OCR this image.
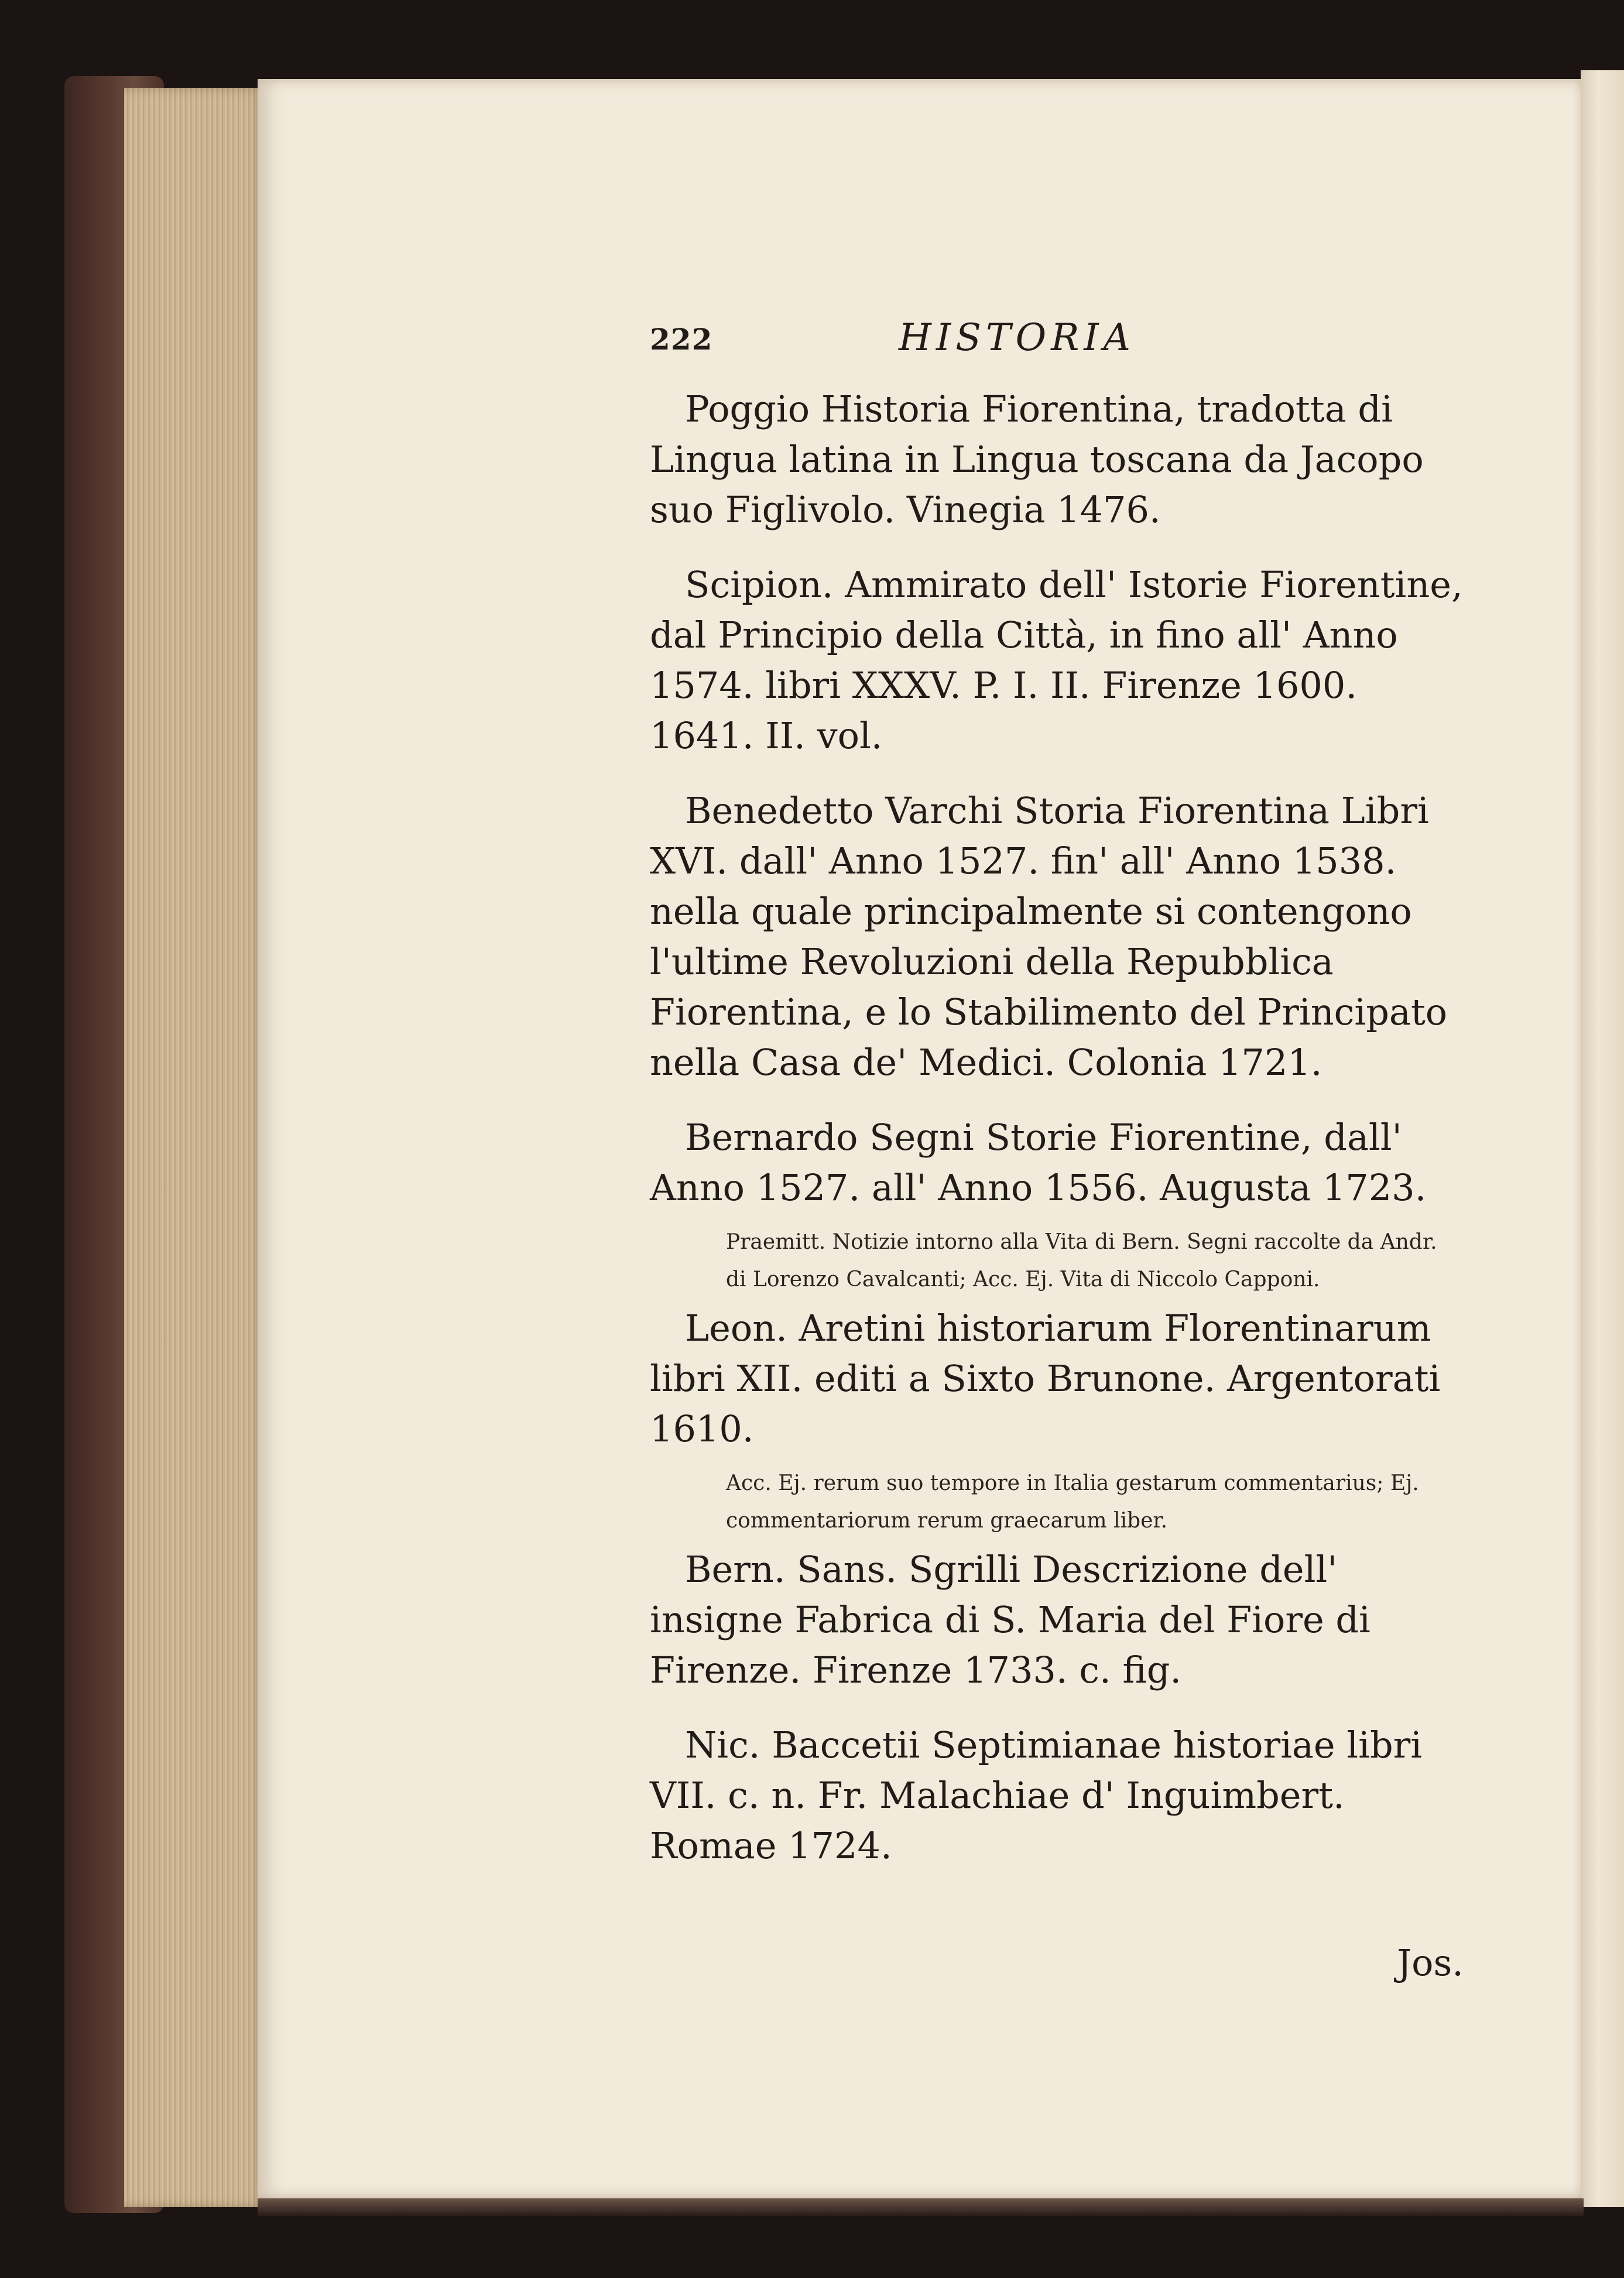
222	HISTORIA

Poggio Historia Fiorentina, tradotta di Lingua latina in Lingua toscana da Jacopo suo Figlivolo. Vinegia 1476.

Scipion. Ammirato dell' Istorie Fiorentine, dal Principio della Città, in fino all' Anno 1574. libri XXXV. P. I. II. Firenze 1600. 1641. II. vol.

Benedetto Varchi Storia Fiorentina Libri XVI. dall' Anno 1527. fin' all' Anno 1538. nella quale principalmente si contengono l'ultime Revoluzioni della Repubblica Fiorentina, e lo Stabilimento del Principato nella Casa de' Medici. Colonia 1721.

Bernardo Segni Storie Fiorentine, dall' Anno 1527. all' Anno 1556. Augusta 1723.

Praemitt. Notizie intorno alla Vita di Bern. Segni raccolte da Andr. di Lorenzo Cavalcanti; Acc. Ej. Vita di Niccolo Capponi.

Leon. Aretini historiarum Florentinarum libri XII. editi a Sixto Brunone. Argentorati 1610.

Acc. Ej. rerum suo tempore in Italia gestarum commentarius; Ej. commentariorum rerum graecarum liber.

Bern. Sans. Sgrilli Descrizione dell' insigne Fabrica di S. Maria del Fiore di Firenze. Firenze 1733. c. fig.

Nic. Baccetii Septimianae historiae libri VII. c. n. Fr. Malachiae d' Inguimbert. Romae 1724.

Jos.
